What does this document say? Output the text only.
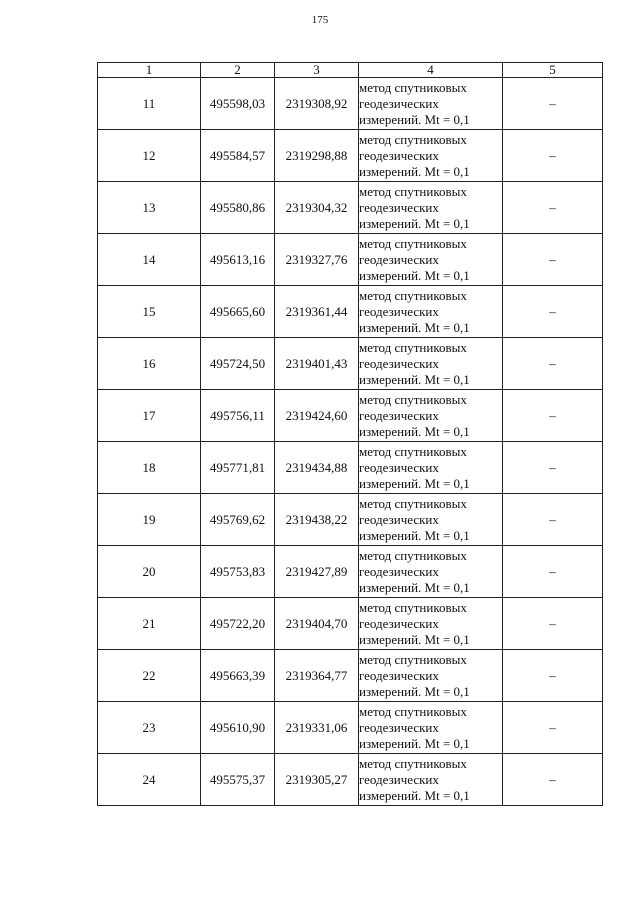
175
1	2	3	4	5
11	495598,03	2319308,92	метод спутниковых
геодезических
измерений. Mt = 0,1	–
12	495584,57	2319298,88	метод спутниковых
геодезических
измерений. Mt = 0,1	–
13	495580,86	2319304,32	метод спутниковых
геодезических
измерений. Mt = 0,1	–
14	495613,16	2319327,76	метод спутниковых
геодезических
измерений. Mt = 0,1	–
15	495665,60	2319361,44	метод спутниковых
геодезических
измерений. Mt = 0,1	–
16	495724,50	2319401,43	метод спутниковых
геодезических
измерений. Mt = 0,1	–
17	495756,11	2319424,60	метод спутниковых
геодезических
измерений. Mt = 0,1	–
18	495771,81	2319434,88	метод спутниковых
геодезических
измерений. Mt = 0,1	–
19	495769,62	2319438,22	метод спутниковых
геодезических
измерений. Mt = 0,1	–
20	495753,83	2319427,89	метод спутниковых
геодезических
измерений. Mt = 0,1	–
21	495722,20	2319404,70	метод спутниковых
геодезических
измерений. Mt = 0,1	–
22	495663,39	2319364,77	метод спутниковых
геодезических
измерений. Mt = 0,1	–
23	495610,90	2319331,06	метод спутниковых
геодезических
измерений. Mt = 0,1	–
24	495575,37	2319305,27	метод спутниковых
геодезических
измерений. Mt = 0,1	–
